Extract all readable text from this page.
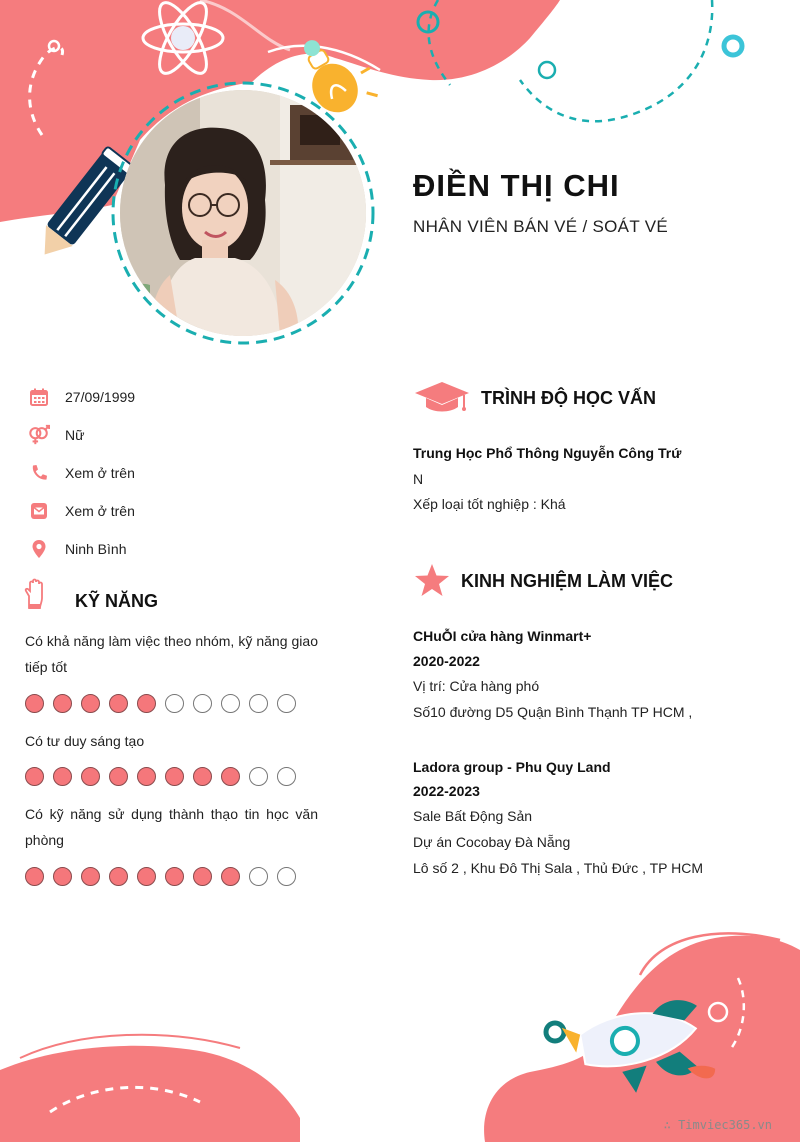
ĐIỀN THỊ CHI
NHÂN VIÊN BÁN VÉ / SOÁT VÉ
27/09/1999
Nữ
Xem ở trên
Xem ở trên
Ninh Bình
KỸ NĂNG
Có khả năng làm việc theo nhóm, kỹ năng giao tiếp tốt
Có tư duy sáng tạo
Có kỹ năng sử dụng thành thạo tin học văn phòng
TRÌNH ĐỘ HỌC VẤN
Trung Học Phổ Thông Nguyễn Công Trứ
N
Xếp loại tốt nghiệp : Khá
KINH NGHIỆM LÀM VIỆC
CHuỖI cửa hàng Winmart+
2020-2022
Vị trí: Cửa hàng phó
Số10 đường D5 Quận Bình Thạnh TP HCM ,
Ladora group - Phu Quy Land
2022-2023
Sale Bất Động Sản
Dự án Cocobay Đà Nẵng
Lô số 2 , Khu Đô Thị Sala , Thủ Đức , TP HCM
∴ Timviec365.vn
